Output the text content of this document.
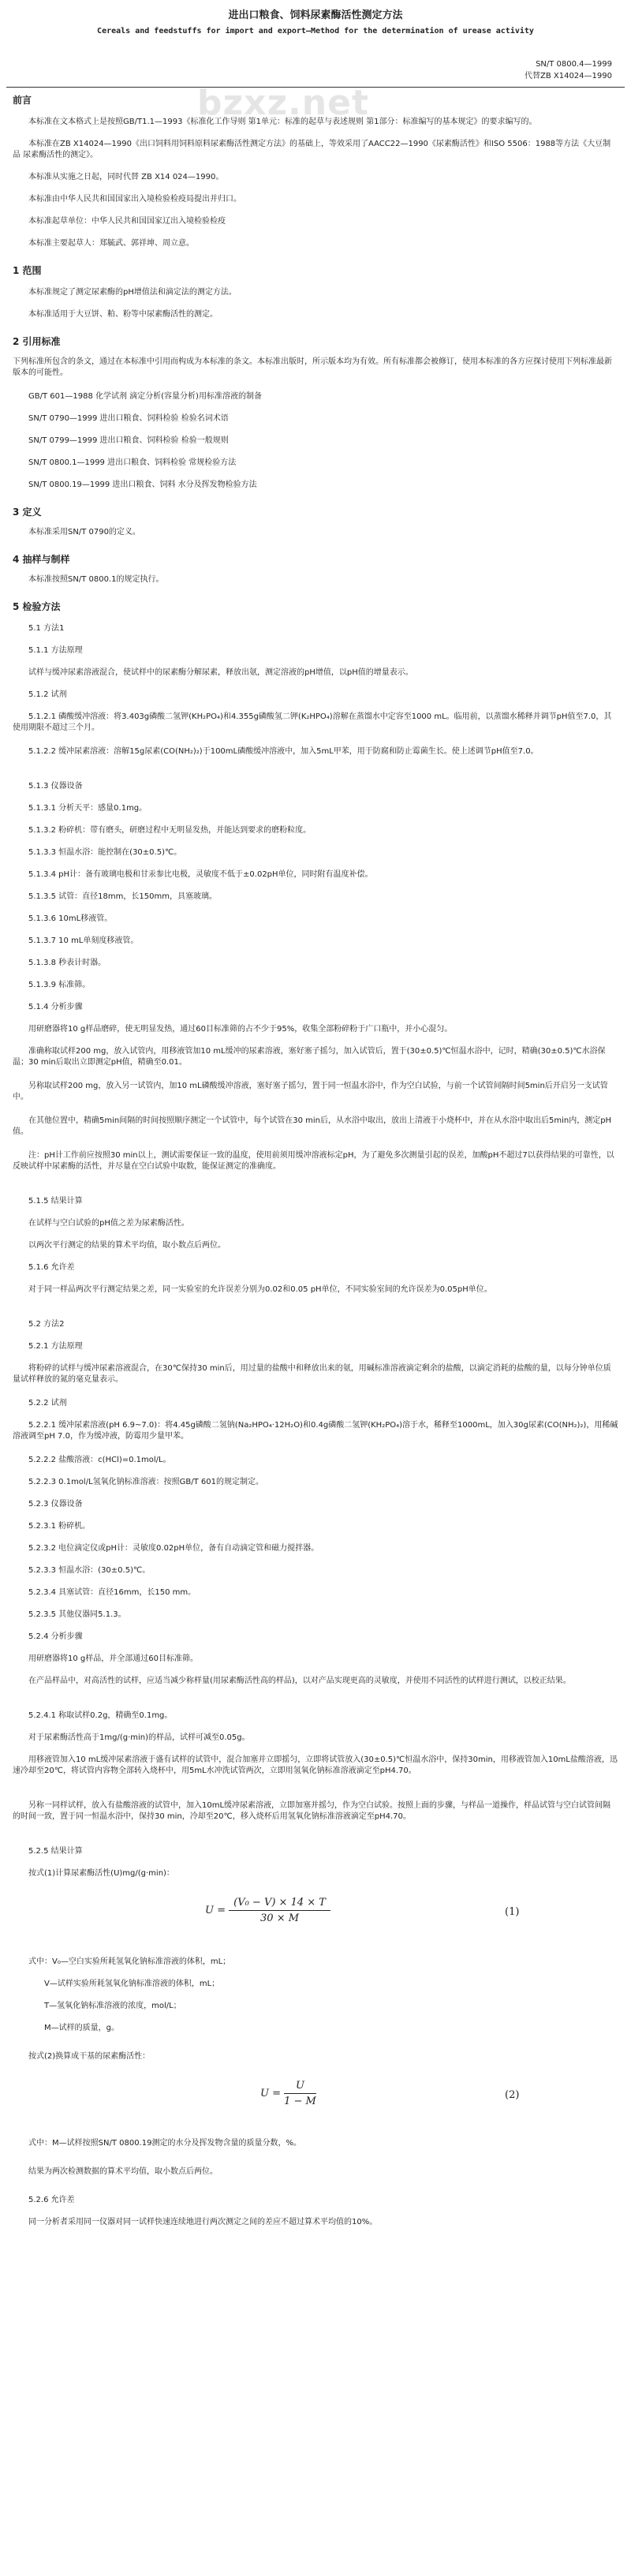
进出口粮食、饲料尿素酶活性测定方法
Cereals and feedstuffs for import and export—Method for the determination of urease activity
SN/T 0800.4—1999
代替ZB X14024—1990
bzxz.net
前言
本标准在文本格式上是按照GB/T1.1—1993《标准化工作导则 第1单元：标准的起草与表述规则 第1部分：标准编写的基本规定》的要求编写的。
本标准在ZB X14024—1990《出口饲料用饲料原料尿素酶活性测定方法》的基础上，等效采用了AACC22—1990《尿素酶活性》和ISO 5506：1988等方法《大豆制品 尿素酶活性的测定》。
本标准从实施之日起，同时代替 ZB X14 024—1990。
本标准由中华人民共和国国家出入境检验检疫局提出并归口。
本标准起草单位：中华人民共和国国家辽出入境检验检疫
本标准主要起草人：郑毓武、郭祥坤、周立意。
1 范围
本标准规定了测定尿素酶的pH增值法和滴定法的测定方法。
本标准适用于大豆饼、粕、粉等中尿素酶活性的测定。
2 引用标准
下列标准所包含的条文，通过在本标准中引用而构成为本标准的条文。本标准出版时，所示版本均为有效。所有标准都会被修订，使用本标准的各方应探讨使用下列标准最新版本的可能性。
GB/T 601—1988 化学试剂 滴定分析(容量分析)用标准溶液的制备
SN/T 0790—1999 进出口粮食、饲料检验 检验名词术语
SN/T 0799—1999 进出口粮食、饲料检验 检验一般规则
SN/T 0800.1—1999 进出口粮食、饲料检验 常规检验方法
SN/T 0800.19—1999 进出口粮食、饲料 水分及挥发物检验方法
3 定义
本标准采用SN/T 0790的定义。
4 抽样与制样
本标准按照SN/T 0800.1的规定执行。
5 检验方法
5.1 方法1
5.1.1 方法原理
试样与缓冲尿素溶液混合，使试样中的尿素酶分解尿素，释放出氨，测定溶液的pH增值，以pH值的增量表示。
5.1.2 试剂
5.1.2.1 磷酸缓冲溶液：将3.403g磷酸二氢钾(KH₂PO₄)和4.355g磷酸氢二钾(K₂HPO₄)溶解在蒸馏水中定容至1000 mL。临用前，以蒸馏水稀释并调节pH值至7.0，其使用期限不超过三个月。
5.1.2.2 缓冲尿素溶液：溶解15g尿素(CO(NH₂)₂)于100mL磷酸缓冲溶液中，加入5mL甲苯，用于防腐和防止霉菌生长。使上述调节pH值至7.0。
5.1.3 仪器设备
5.1.3.1 分析天平：感量0.1mg。
5.1.3.2 粉碎机：带有磨头，研磨过程中无明显发热，并能达到要求的磨粉粒度。
5.1.3.3 恒温水浴：能控制在(30±0.5)℃。
5.1.3.4 pH计：备有玻璃电极和甘汞参比电极，灵敏度不低于±0.02pH单位，同时附有温度补偿。
5.1.3.5 试管：直径18mm，长150mm，具塞玻璃。
5.1.3.6 10mL移液管。
5.1.3.7 10 mL单刻度移液管。
5.1.3.8 秒表计时器。
5.1.3.9 标准筛。
5.1.4 分析步骤
用研磨器将10 g样品磨碎，使无明显发热，通过60目标准筛的占不少于95%，收集全部粉碎粉于广口瓶中，并小心混匀。
准确称取试样200 mg，放入试管内，用移液管加10 mL缓冲的尿素溶液，塞好塞子摇匀，加入试管后，置于(30±0.5)℃恒温水浴中，记时，精确(30±0.5)℃水浴保温；30 min后取出立即测定pH值，精确至0.01。
另称取试样200 mg，放入另一试管内，加10 mL磷酸缓冲溶液，塞好塞子摇匀，置于同一恒温水浴中，作为空白试验，与前一个试管间隔时间5min后开启另一支试管中。
在其他位置中，精确5min间隔的时间按照顺序测定一个试管中，每个试管在30 min后，从水浴中取出，放出上清液于小烧杯中，并在从水浴中取出后5min内，测定pH值。
注：pH计工作前应按照30 min以上，测试需要保证一致的温度，使用前须用缓冲溶液标定pH，为了避免多次测量引起的误差，加酸pH不超过7以获得结果的可靠性，以反映试样中尿素酶的活性，并尽量在空白试验中取数，能保证测定的准确度。
5.1.5 结果计算
在试样与空白试验的pH值之差为尿素酶活性。
以两次平行测定的结果的算术平均值，取小数点后两位。
5.1.6 允许差
对于同一样品两次平行测定结果之差，同一实验室的允许误差分别为0.02和0.05 pH单位，不同实验室间的允许误差为0.05pH单位。
5.2 方法2
5.2.1 方法原理
将粉碎的试样与缓冲尿素溶液混合，在30℃保持30 min后，用过量的盐酸中和释放出来的氨，用碱标准溶液滴定剩余的盐酸，以滴定消耗的盐酸的量，以每分钟单位质量试样释放的氮的毫克量表示。
5.2.2 试剂
5.2.2.1 缓冲尿素溶液(pH 6.9~7.0)：将4.45g磷酸二氢钠(Na₂HPO₄·12H₂O)和0.4g磷酸二氢钾(KH₂PO₄)溶于水，稀释至1000mL，加入30g尿素(CO(NH₂)₂)，用稀碱溶液调至pH 7.0，作为缓冲液，防霉用少量甲苯。
5.2.2.2 盐酸溶液：c(HCl)=0.1mol/L。
5.2.2.3 0.1mol/L氢氧化钠标准溶液：按照GB/T 601的规定制定。
5.2.3 仪器设备
5.2.3.1 粉碎机。
5.2.3.2 电位滴定仪或pH计：灵敏度0.02pH单位，备有自动滴定管和磁力搅拌器。
5.2.3.3 恒温水浴：(30±0.5)℃。
5.2.3.4 具塞试管：直径16mm，长150 mm。
5.2.3.5 其他仪器同5.1.3。
5.2.4 分析步骤
用研磨器将10 g样品，并全部通过60目标准筛。
在产品样品中，对高活性的试样，应适当减少称样量(用尿素酶活性高的样品)，以对产品实现更高的灵敏度，并使用不同活性的试样进行测试，以校正结果。
5.2.4.1 称取试样0.2g，精确至0.1mg。
对于尿素酶活性高于1mg/(g·min)的样品，试样可减至0.05g。
用移液管加入10 mL缓冲尿素溶液于盛有试样的试管中，混合加塞并立即摇匀，立即将试管放入(30±0.5)℃恒温水浴中，保持30min，用移液管加入10mL盐酸溶液，迅速冷却至20℃，将试管内容物全部转入烧杯中，用5mL水冲洗试管两次，立即用氢氧化钠标准溶液滴定至pH4.70。
另称一同样试样，放入有盐酸溶液的试管中，加入10mL缓冲尿素溶液，立即加塞并摇匀，作为空白试验。按照上面的步骤，与样品一道操作，样品试管与空白试管间隔的时间一致，置于同一恒温水浴中，保持30 min，冷却至20℃，移入烧杯后用氢氧化钠标准溶液滴定至pH4.70。
5.2.5 结果计算
按式(1)计算尿素酶活性(U)mg/(g·min)：
$U = \frac{\text{(V₀ − V) × 14 × T}}{30 \times M}$	(1)
式中：V₀—空白实验所耗氢氧化钠标准溶液的体积，mL；
V—试样实验所耗氢氧化钠标准溶液的体积，mL；
T—氢氧化钠标准溶液的浓度，mol/L；
M—试样的质量，g。
按式(2)换算成干基的尿素酶活性：
$U = \frac{U}{1 - M}$	(2)
式中：M—试样按照SN/T 0800.19测定的水分及挥发物含量的质量分数，%。
结果为两次检测数据的算术平均值，取小数点后两位。
5.2.6 允许差
同一分析者采用同一仪器对同一试样快速连续地进行两次测定之间的差应不超过算术平均值的10%。
